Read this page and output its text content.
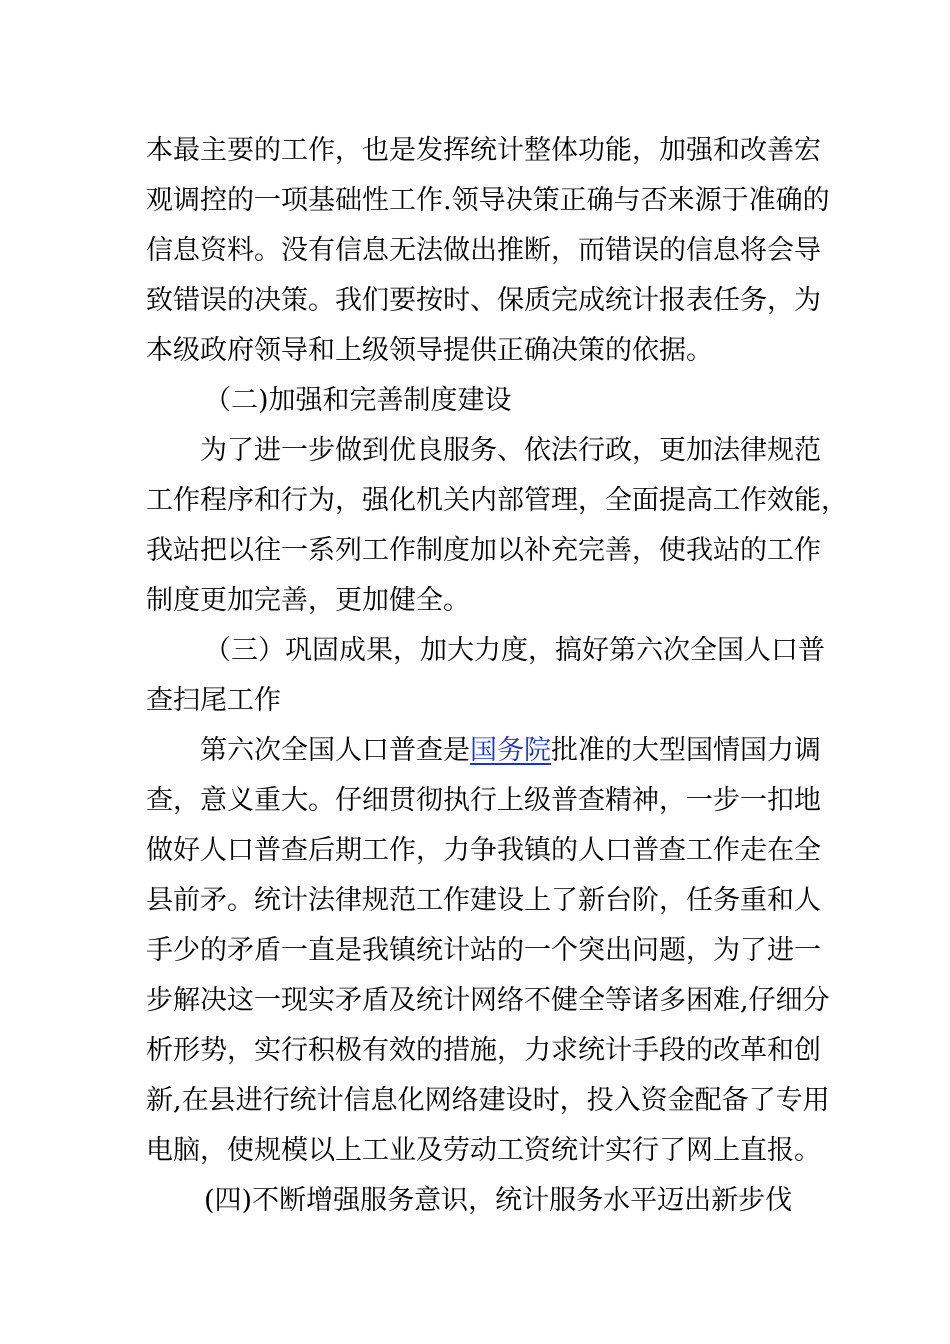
本最主要的工作，也是发挥统计整体功能，加强和改善宏
观调控的一项基础性工作.领导决策正确与否来源于准确的
信息资料。没有信息无法做出推断，而错误的信息将会导
致错误的决策。我们要按时、保质完成统计报表任务，为
本级政府领导和上级领导提供正确决策的依据。
（二)加强和完善制度建设
为了进一步做到优良服务、依法行政，更加法律规范
工作程序和行为，强化机关内部管理，全面提高工作效能，
我站把以往一系列工作制度加以补充完善，使我站的工作
制度更加完善，更加健全。
（三）巩固成果，加大力度，搞好第六次全国人口普
查扫尾工作
第六次全国人口普查是国务院批准的大型国情国力调
查，意义重大。仔细贯彻执行上级普查精神，一步一扣地
做好人口普查后期工作，力争我镇的人口普查工作走在全
县前矛。统计法律规范工作建设上了新台阶，任务重和人
手少的矛盾一直是我镇统计站的一个突出问题，为了进一
步解决这一现实矛盾及统计网络不健全等诸多困难,仔细分
析形势，实行积极有效的措施，力求统计手段的改革和创
新,在县进行统计信息化网络建设时，投入资金配备了专用
电脑，使规模以上工业及劳动工资统计实行了网上直报。
(四)不断增强服务意识，统计服务水平迈出新步伐
